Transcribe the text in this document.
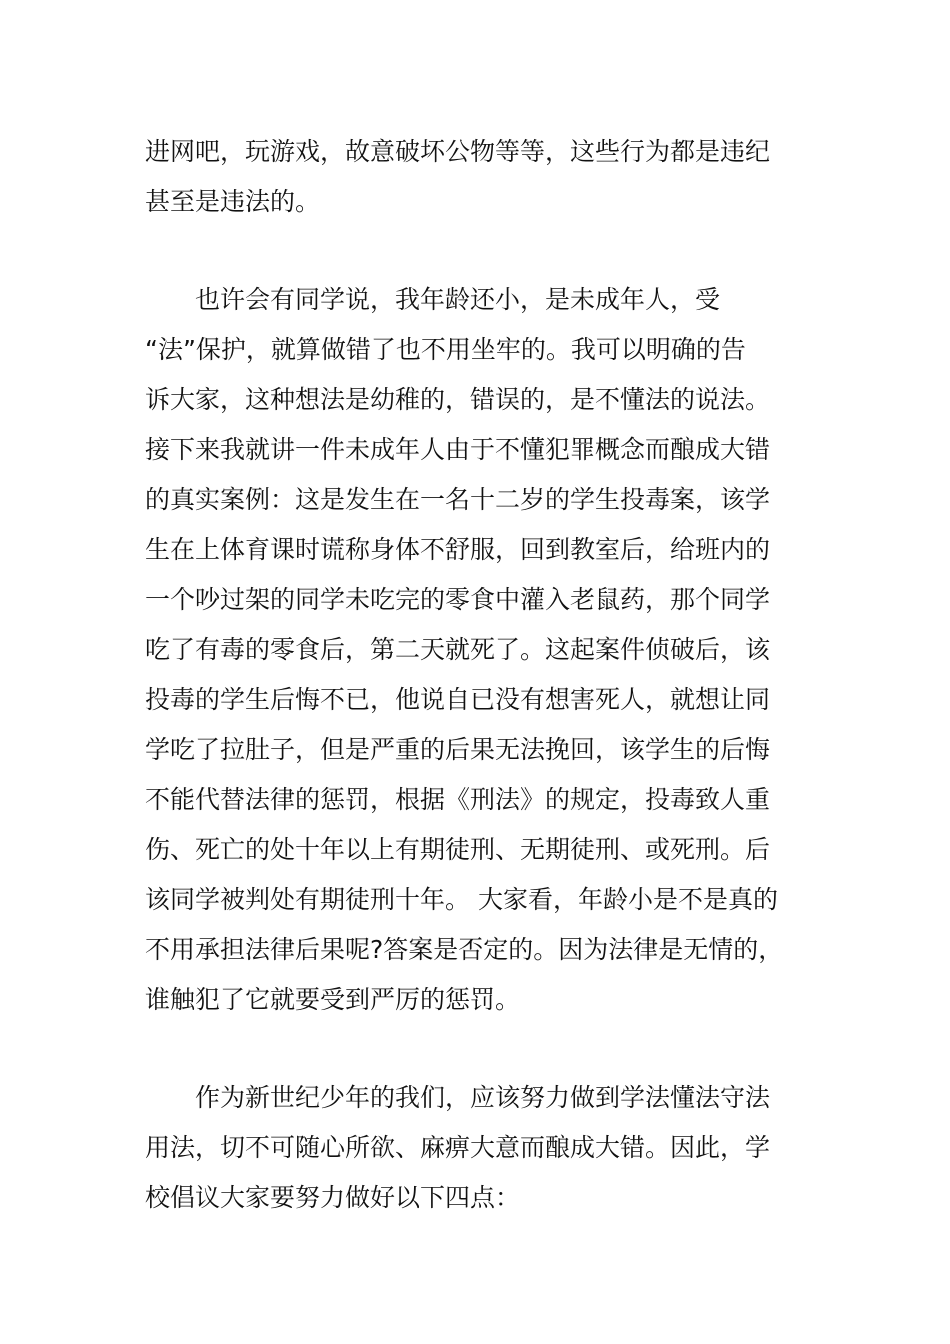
进网吧，玩游戏，故意破坏公物等等，这些行为都是违纪
甚至是违法的。
也许会有同学说，我年龄还小，是未成年人，受
“法”保护，就算做错了也不用坐牢的。我可以明确的告
诉大家，这种想法是幼稚的，错误的，是不懂法的说法。
接下来我就讲一件未成年人由于不懂犯罪概念而酿成大错
的真实案例：这是发生在一名十二岁的学生投毒案，该学
生在上体育课时谎称身体不舒服，回到教室后，给班内的
一个吵过架的同学未吃完的零食中灌入老鼠药，那个同学
吃了有毒的零食后，第二天就死了。这起案件侦破后，该
投毒的学生后悔不已，他说自已没有想害死人，就想让同
学吃了拉肚子，但是严重的后果无法挽回，该学生的后悔
不能代替法律的惩罚，根据《刑法》的规定，投毒致人重
伤、死亡的处十年以上有期徒刑、无期徒刑、或死刑。后
该同学被判处有期徒刑十年。 大家看，年龄小是不是真的
不用承担法律后果呢?答案是否定的。因为法律是无情的，
谁触犯了它就要受到严厉的惩罚。
作为新世纪少年的我们，应该努力做到学法懂法守法
用法，切不可随心所欲、麻痹大意而酿成大错。因此，学
校倡议大家要努力做好以下四点：
